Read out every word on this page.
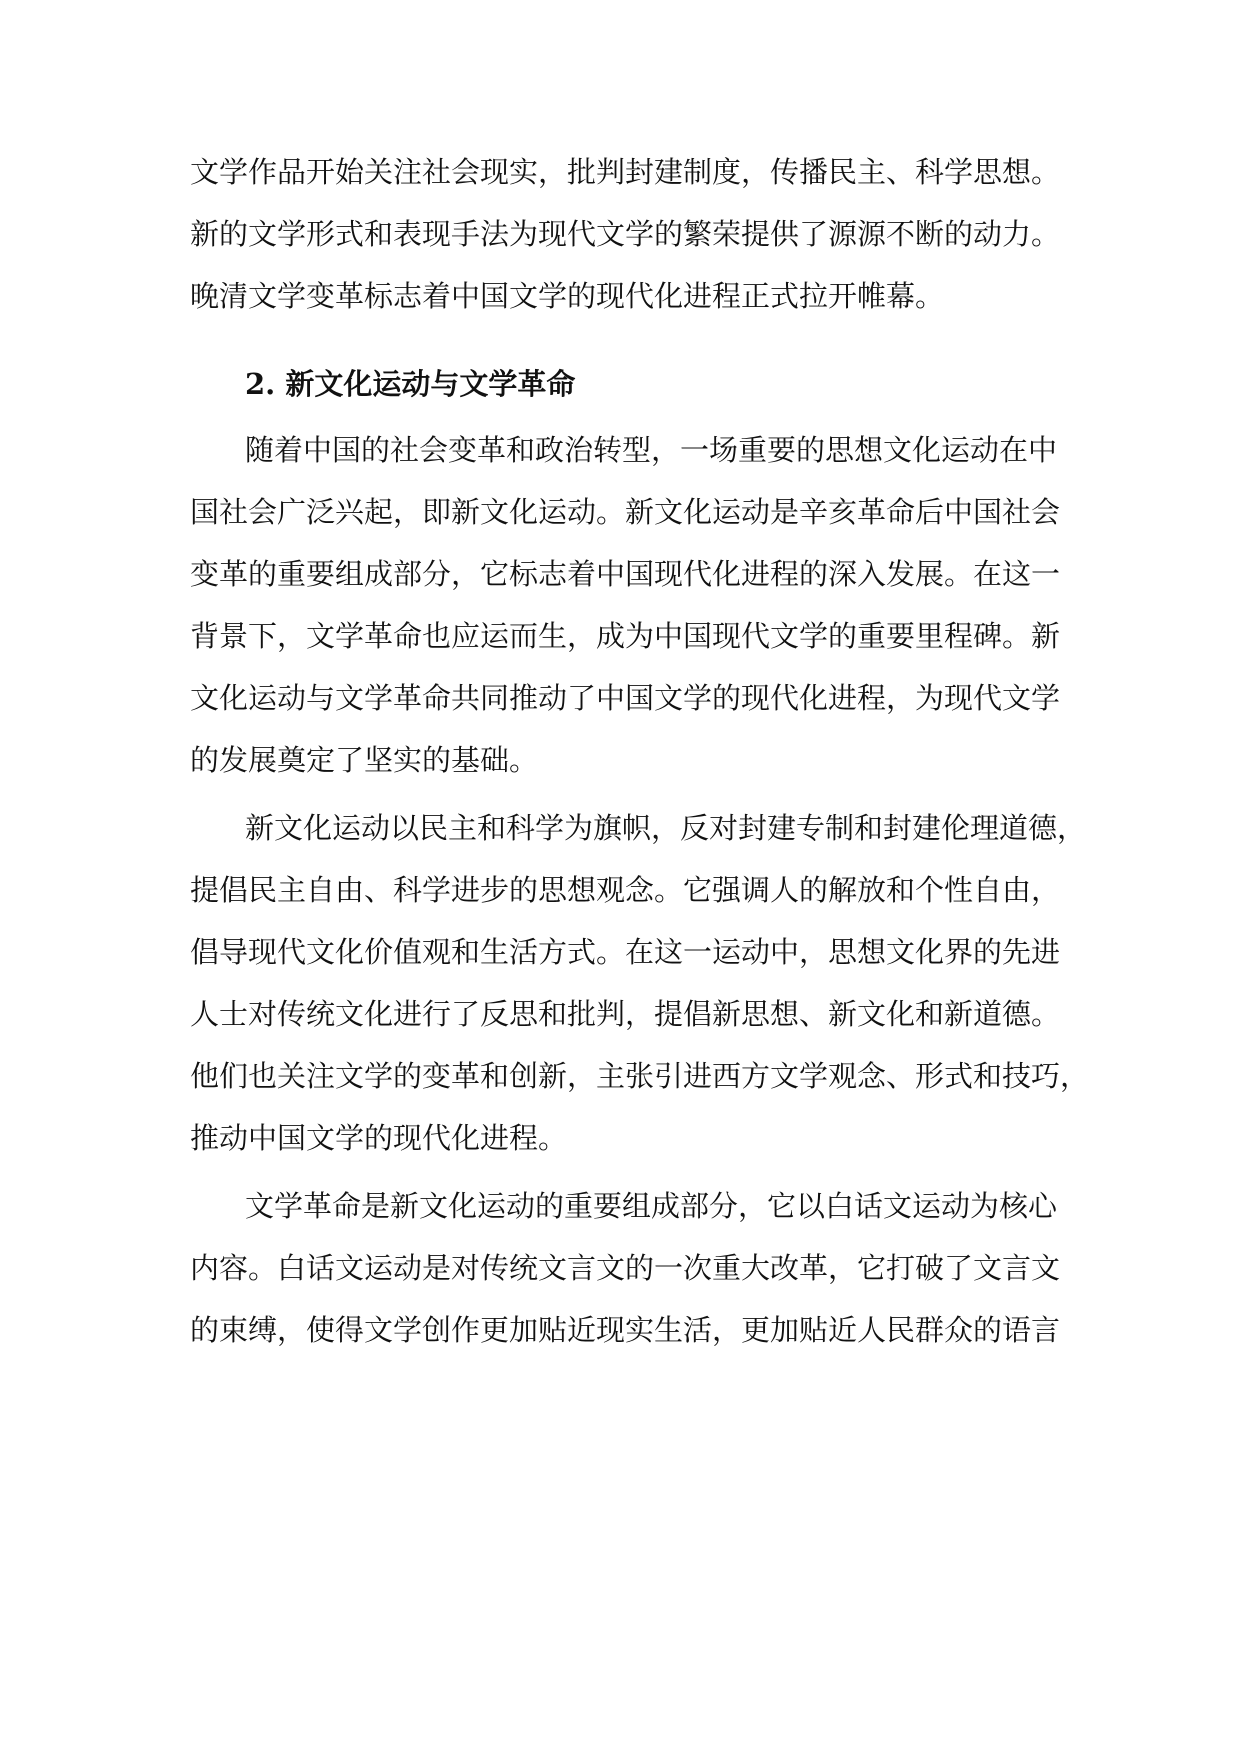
文学作品开始关注社会现实，批判封建制度，传播民主、科学思想。
新的文学形式和表现手法为现代文学的繁荣提供了源源不断的动力。
晚清文学变革标志着中国文学的现代化进程正式拉开帷幕。
2. 新文化运动与文学革命
随着中国的社会变革和政治转型，一场重要的思想文化运动在中
国社会广泛兴起，即新文化运动。新文化运动是辛亥革命后中国社会
变革的重要组成部分，它标志着中国现代化进程的深入发展。在这一
背景下，文学革命也应运而生，成为中国现代文学的重要里程碑。新
文化运动与文学革命共同推动了中国文学的现代化进程，为现代文学
的发展奠定了坚实的基础。
新文化运动以民主和科学为旗帜，反对封建专制和封建伦理道德，
提倡民主自由、科学进步的思想观念。它强调人的解放和个性自由，
倡导现代文化价值观和生活方式。在这一运动中，思想文化界的先进
人士对传统文化进行了反思和批判，提倡新思想、新文化和新道德。
他们也关注文学的变革和创新，主张引进西方文学观念、形式和技巧，
推动中国文学的现代化进程。
文学革命是新文化运动的重要组成部分，它以白话文运动为核心
内容。白话文运动是对传统文言文的一次重大改革，它打破了文言文
的束缚，使得文学创作更加贴近现实生活，更加贴近人民群众的语言
